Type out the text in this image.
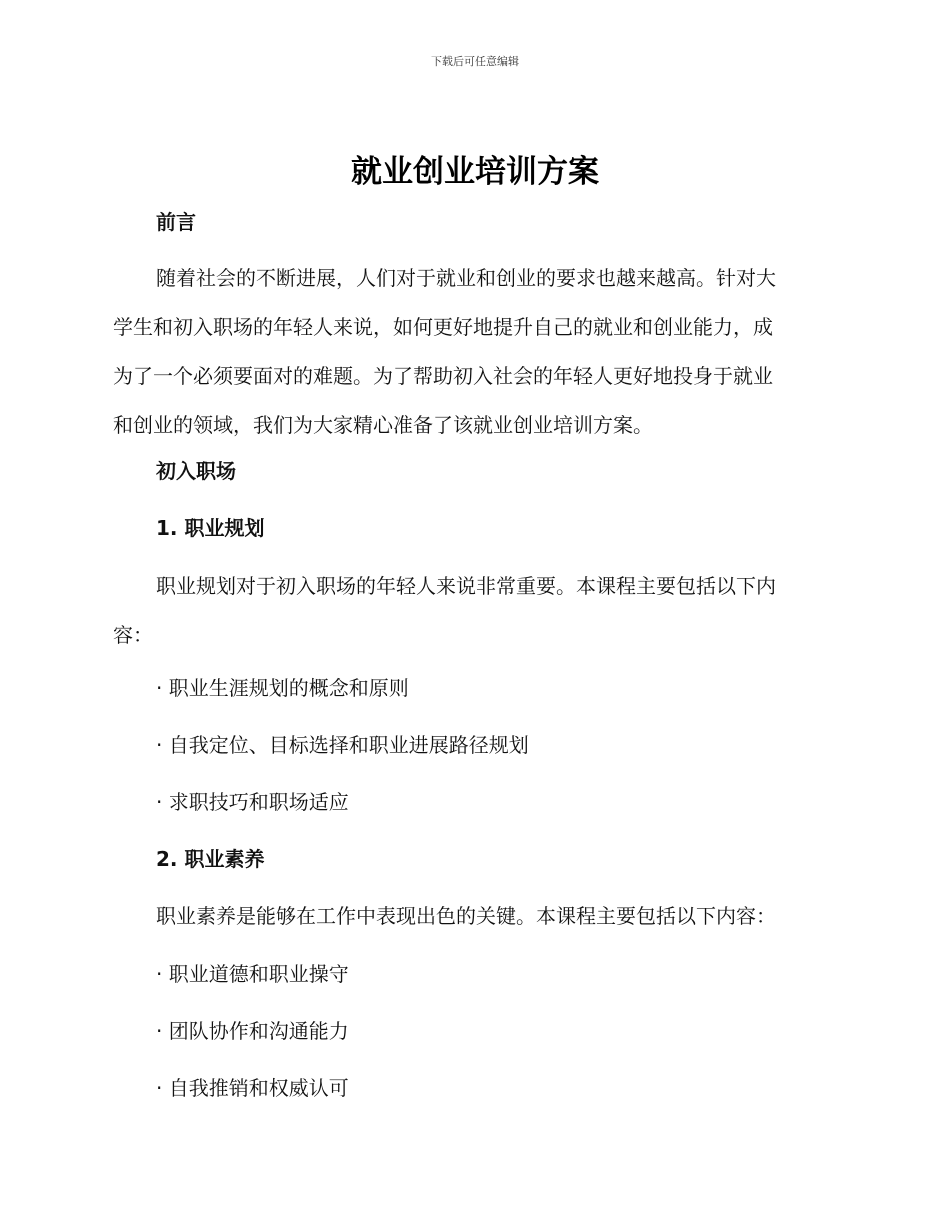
下载后可任意编辑
就业创业培训方案

前言

随着社会的不断进展，人们对于就业和创业的要求也越来越高。针对大
学生和初入职场的年轻人来说，如何更好地提升自己的就业和创业能力，成
为了一个必须要面对的难题。为了帮助初入社会的年轻人更好地投身于就业
和创业的领域，我们为大家精心准备了该就业创业培训方案。

初入职场

1. 职业规划

职业规划对于初入职场的年轻人来说非常重要。本课程主要包括以下内
容：

· 职业生涯规划的概念和原则

· 自我定位、目标选择和职业进展路径规划

· 求职技巧和职场适应

2. 职业素养

职业素养是能够在工作中表现出色的关键。本课程主要包括以下内容：

· 职业道德和职业操守

· 团队协作和沟通能力

· 自我推销和权威认可
